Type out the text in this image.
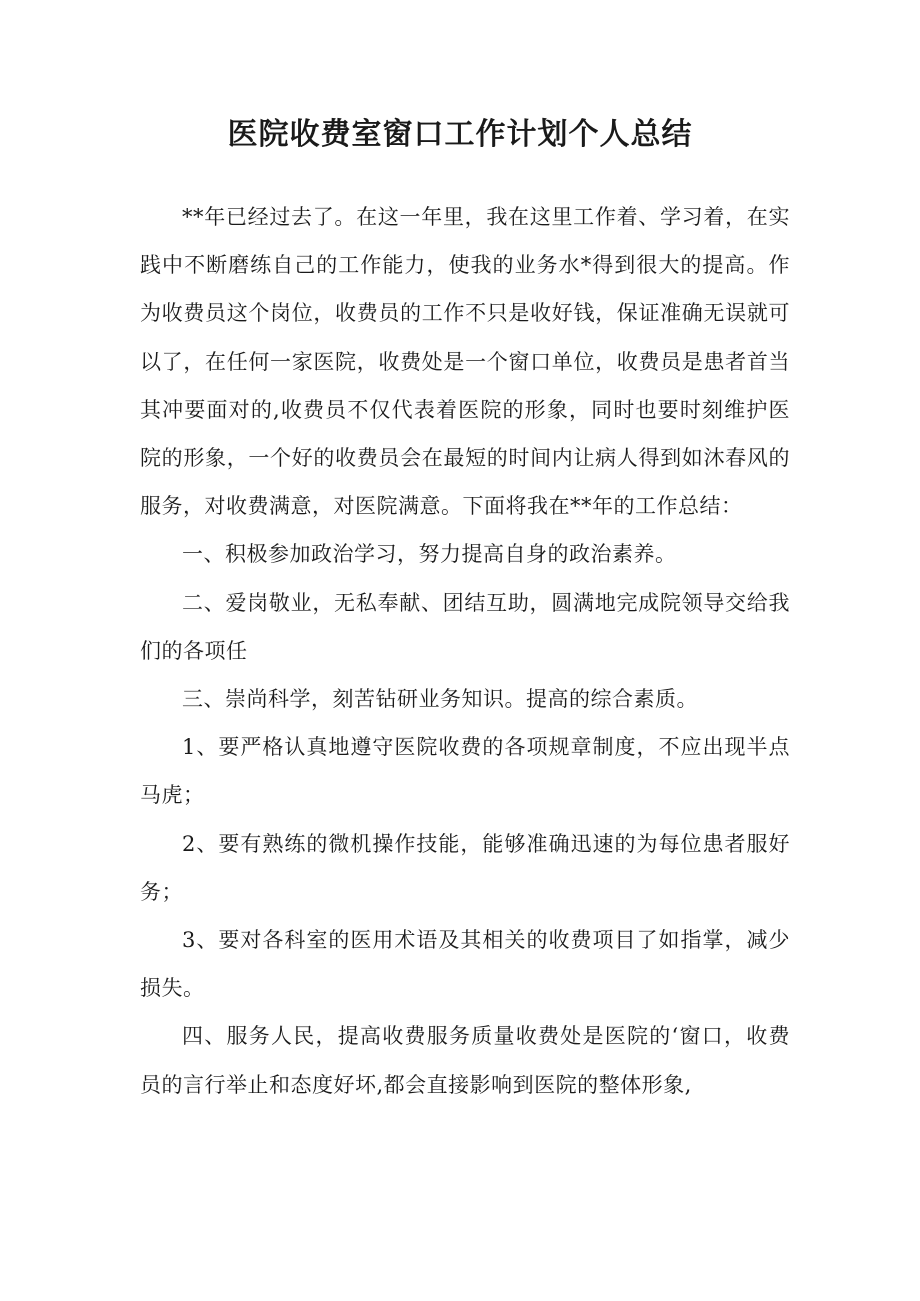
医院收费室窗口工作计划个人总结

**年已经过去了。在这一年里，我在这里工作着、学习着，在实践中不断磨练自己的工作能力，使我的业务水*得到很大的提高。作为收费员这个岗位，收费员的工作不只是收好钱，保证准确无误就可以了，在任何一家医院，收费处是一个窗口单位，收费员是患者首当其冲要面对的,收费员不仅代表着医院的形象，同时也要时刻维护医院的形象，一个好的收费员会在最短的时间内让病人得到如沐春风的服务，对收费满意，对医院满意。下面将我在**年的工作总结：

一、积极参加政治学习，努力提高自身的政治素养。

二、爱岗敬业，无私奉献、团结互助，圆满地完成院领导交给我们的各项任

三、崇尚科学，刻苦钻研业务知识。提高的综合素质。

1、要严格认真地遵守医院收费的各项规章制度，不应出现半点马虎；

2、要有熟练的微机操作技能，能够准确迅速的为每位患者服好务；

3、要对各科室的医用术语及其相关的收费项目了如指掌，减少损失。

四、服务人民，提高收费服务质量收费处是医院的‘窗口，收费员的言行举止和态度好坏,都会直接影响到医院的整体形象,
